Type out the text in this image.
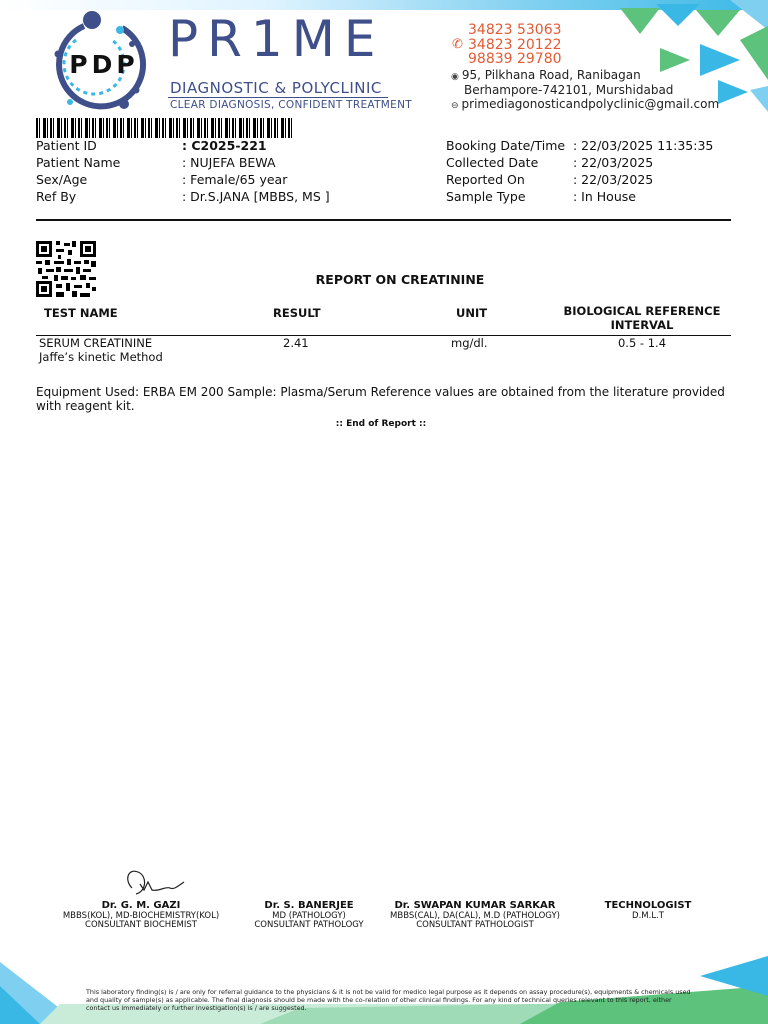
PDP PR1ME
DIAGNOSTIC & POLYCLINIC
CLEAR DIAGNOSIS, CONFIDENT TREATMENT
✆
34823 53063
34823 20122
98839 29780
◉ 95, Pilkhana Road, Ranibagan
Berhampore-742101, Murshidabad
⊖ primediagonosticandpolyclinic@gmail.com
Patient ID	: C2025-221
Patient Name	: NUJEFA BEWA
Sex/Age	: Female/65 year
Ref By	: Dr.S.JANA [MBBS, MS ]
Booking Date/Time : 22/03/2025 11:35:35
Collected Date	: 22/03/2025
Reported On	: 22/03/2025
Sample Type	: In House
REPORT ON CREATININE
TEST NAME	RESULT	UNIT	BIOLOGICAL REFERENCE
INTERVAL
SERUM CREATININE
Jaffe’s kinetic Method
2.41	mg/dl.	0.5 - 1.4
Equipment Used: ERBA EM 200 Sample: Plasma/Serum Reference values are obtained from the literature provided with reagent kit.
:: End of Report ::
Dr. G. M. GAZI
MBBS(KOL), MD-BIOCHEMISTRY(KOL)
CONSULTANT BIOCHEMIST
Dr. S. BANERJEE
MD (PATHOLOGY)
CONSULTANT PATHOLOGY
Dr. SWAPAN KUMAR SARKAR
MBBS(CAL), DA(CAL), M.D (PATHOLOGY)
CONSULTANT PATHOLOGIST
TECHNOLOGIST
D.M.L.T
This laboratory finding(s) is / are only for referral guidance to the physicians & it is not be valid for medico legal purpose as it depends on assay procedure(s), equipments & chemicals used and quality of sample(s) as applicable. The final diagnosis should be made with the co-relation of other clinical findings. For any kind of technical queries relevant to this report, either contact us immediately or further investigation(s) is / are suggested.
